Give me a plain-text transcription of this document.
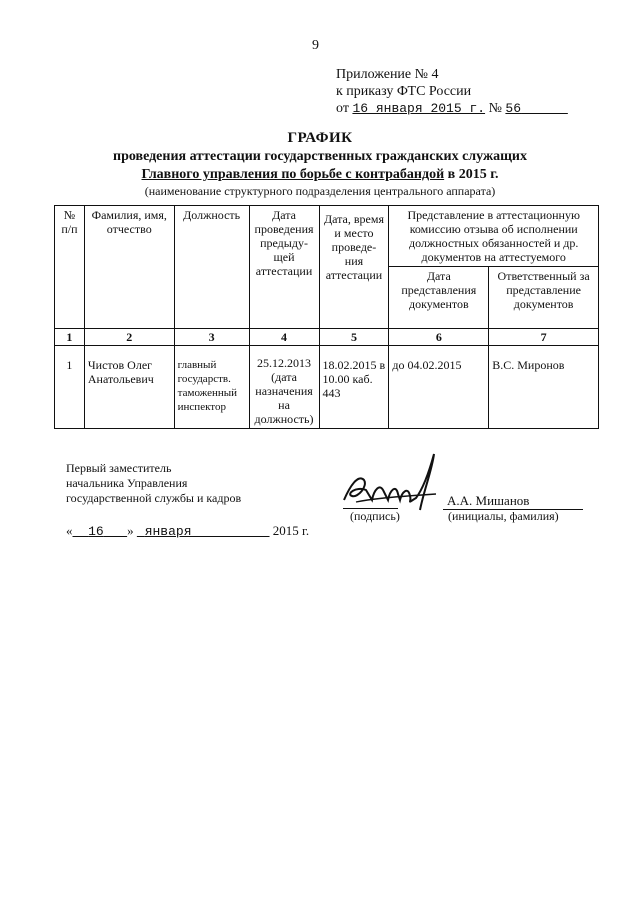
9
Приложение № 4
к приказу ФТС России
от 16 января 2015 г. № 56
ГРАФИК
проведения аттестации государственных гражданских служащих
Главного управления по борьбе с контрабандой в 2015 г.
(наименование структурного подразделения центрального аппарата)
№ п/п	Фамилия, имя, отчество	Должность	Дата проведения предыду-щей аттестации	Дата, время и место проведе-ния аттестации	Представление в аттестационную комиссию отзыва об исполнении должностных обязанностей и др. документов на аттестуемого	
					Дата представления документов	Ответственный за представление документов
1	2	3	4	5	6	7
1	Чистов Олег Анатольевич	главный государств. таможенный инспектор	25.12.2013 (дата назначения на должность)	18.02.2015 в 10.00 каб. 443	до 04.02.2015	В.С. Миронов
Первый заместитель
начальника Управления
государственной службы и кадров
(подпись)
А.А. Мишанов
(инициалы, фамилия)
« 16 » января	2015 г.
